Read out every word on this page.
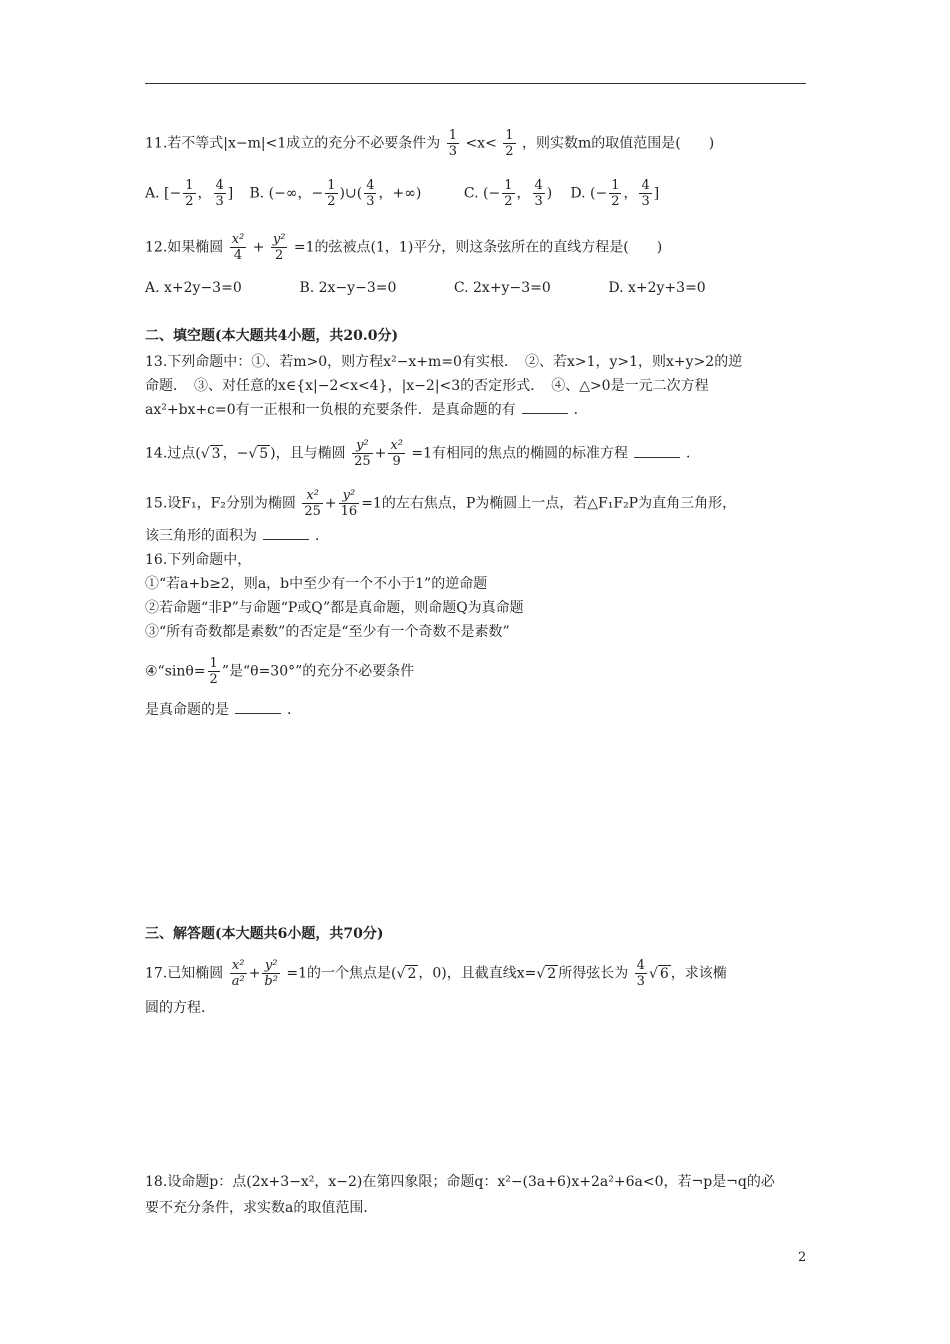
11.若不等式|x−m|<1成立的充分不必要条件为 $\frac{1}{3} <x< \frac{1}{2}$ ，则实数m的取值范围是(　　)
A. [− $\frac{1}{2}$ ， $\frac{4}{3}$ ] B. (−∞，− $\frac{1}{2}$ )∪( $\frac{4}{3}$ ，+∞)	C. (− $\frac{1}{2}$ ， $\frac{4}{3}$ ) D. (− $\frac{1}{2}$ ， $\frac{4}{3}$ ]
12.如果椭圆 $\frac{\text{x²}}{4} + \frac{\text{y²}}{2} =1$的弦被点(1，1)平分，则这条弦所在的直线方程是(　　)
A. x+2y−3=0	B. 2x−y−3=0	C. 2x+y−3=0	D. x+2y+3=0
二、填空题(本大题共4小题，共20.0分)
13.下列命题中：①、若m>0，则方程x²−x+m=0有实根．　②、若x>1，y>1，则x+y>2的逆
命题．　③、对任意的x∈{x|−2<x<4}，|x−2|<3的否定形式．　④、△>0是一元二次方程
ax²+bx+c=0有一正根和一负根的充要条件．是真命题的有	．
14.过点(√ 3 ，−√ 5 )，且与椭圆 $\frac{\text{y²}}{25} + \frac{\text{x²}}{9} =1$有相同的焦点的椭圆的标准方程	．
15.设F₁，F₂分别为椭圆 $\frac{\text{x²}}{25} + \frac{\text{y²}}{16} =1$的左右焦点，P为椭圆上一点，若△F₁F₂P为直角三角形，
该三角形的面积为	．
16.下列命题中，
①“若a+b≥2，则a，b中至少有一个不小于1”的逆命题
②若命题“非P”与命题“P或Q”都是真命题，则命题Q为真命题
③“所有奇数都是素数”的否定是“至少有一个奇数不是素数”
④“sinθ= $\frac{1}{2}$ ”是“θ=30°”的充分不必要条件
是真命题的是	．
三、解答题(本大题共6小题，共70分)
17.已知椭圆 $\frac{\text{x²}}{\text{a²}} + \frac{\text{y²}}{\text{b²}} =1$的一个焦点是(√ 2 ，0)，且截直线x=√ 2 所得弦长为 $\frac{4}{3}$ √ 6 ，求该椭
圆的方程．
18.设命题p：点(2x+3−x²，x−2)在第四象限；命题q：x²−(3a+6)x+2a²+6a<0，若¬p是¬q的必
要不充分条件，求实数a的取值范围．
2
